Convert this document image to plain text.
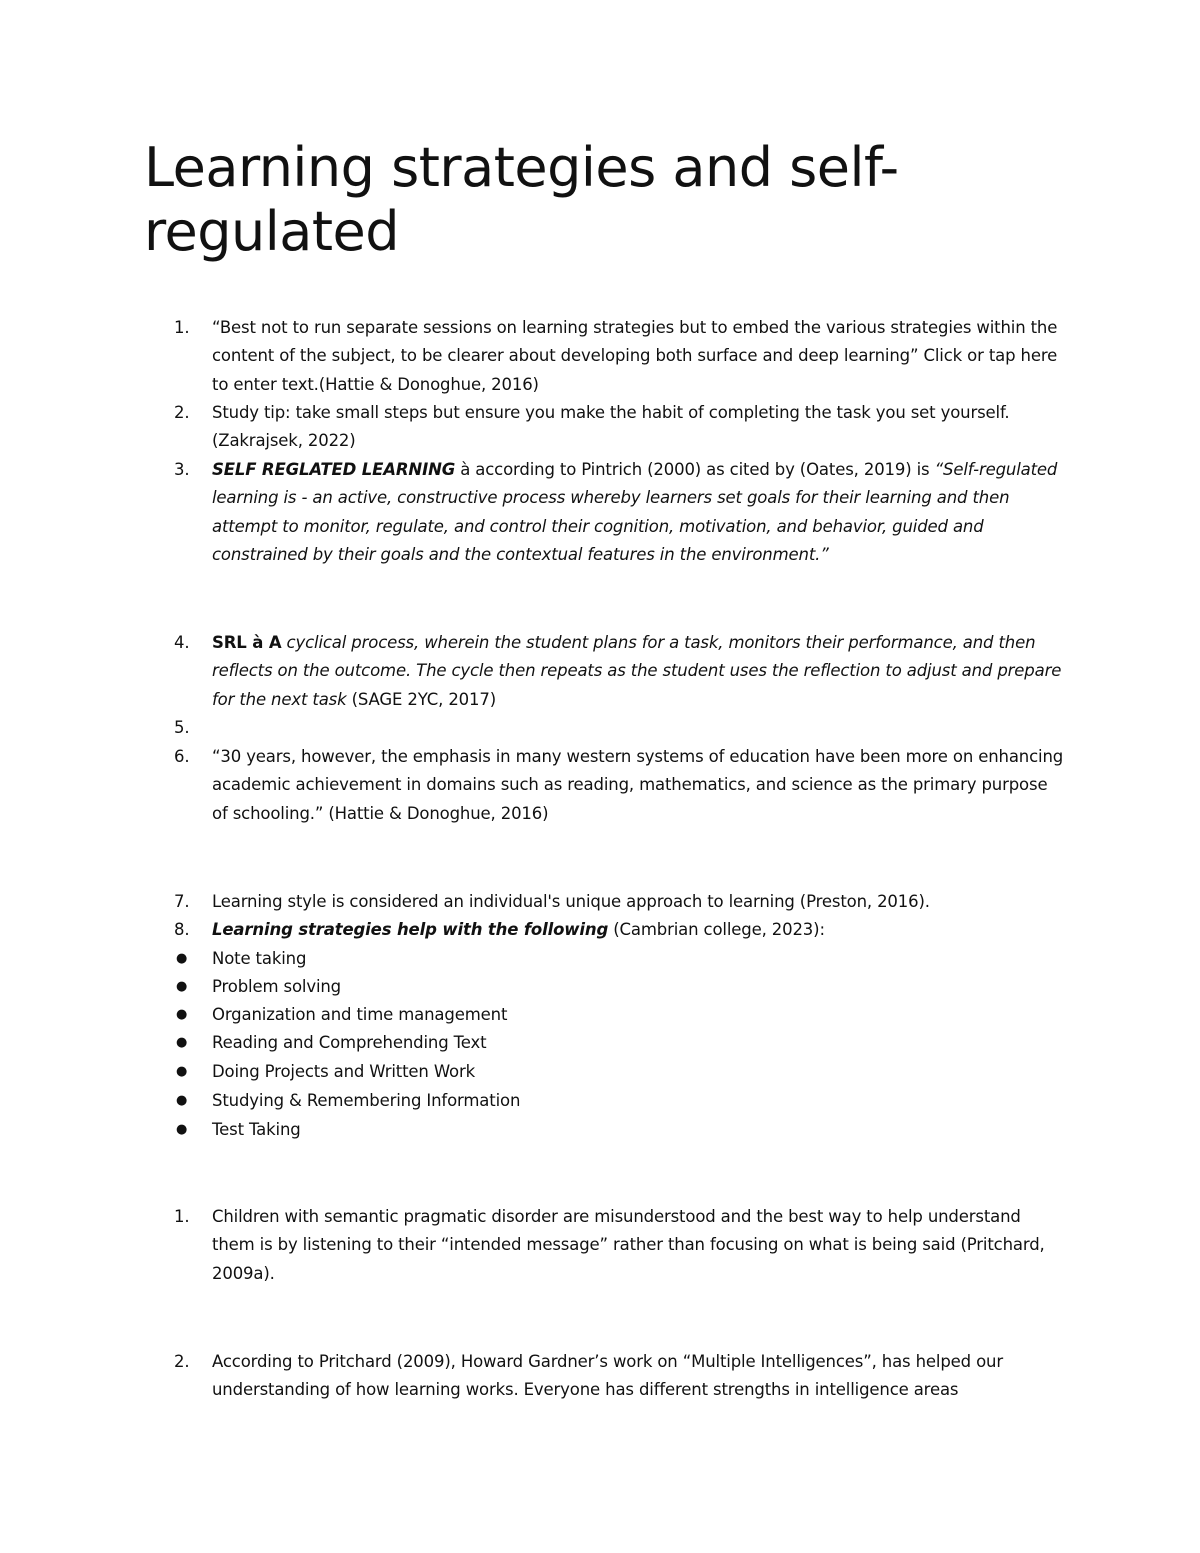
Learning strategies and self-regulated
1.	“Best not to run separate sessions on learning strategies but to embed the various strategies within the content of the subject, to be clearer about developing both surface and deep learning” Click or tap here to enter text.(Hattie & Donoghue, 2016)
2.	Study tip: take small steps but ensure you make the habit of completing the task you set yourself. (Zakrajsek, 2022)
3.	SELF REGLATED LEARNING à according to Pintrich (2000) as cited by (Oates, 2019) is “Self-regulated learning is - an active, constructive process whereby learners set goals for their learning and then attempt to monitor, regulate, and control their cognition, motivation, and behavior, guided and constrained by their goals and the contextual features in the environment.”
4.	SRL à A cyclical process, wherein the student plans for a task, monitors their performance, and then reflects on the outcome. The cycle then repeats as the student uses the reflection to adjust and prepare for the next task (SAGE 2YC, 2017)
5.
6.	“30 years, however, the emphasis in many western systems of education have been more on enhancing academic achievement in domains such as reading, mathematics, and science as the primary purpose of schooling.” (Hattie & Donoghue, 2016)
7.	Learning style is considered an individual's unique approach to learning (Preston, 2016).
8.	Learning strategies help with the following (Cambrian college, 2023):
● Note taking
● Problem solving
● Organization and time management
● Reading and Comprehending Text
● Doing Projects and Written Work
● Studying & Remembering Information
● Test Taking
1.	Children with semantic pragmatic disorder are misunderstood and the best way to help understand them is by listening to their “intended message” rather than focusing on what is being said (Pritchard, 2009a).
2.	According to Pritchard (2009), Howard Gardner’s work on “Multiple Intelligences”, has helped our understanding of how learning works. Everyone has different strengths in intelligence areas
